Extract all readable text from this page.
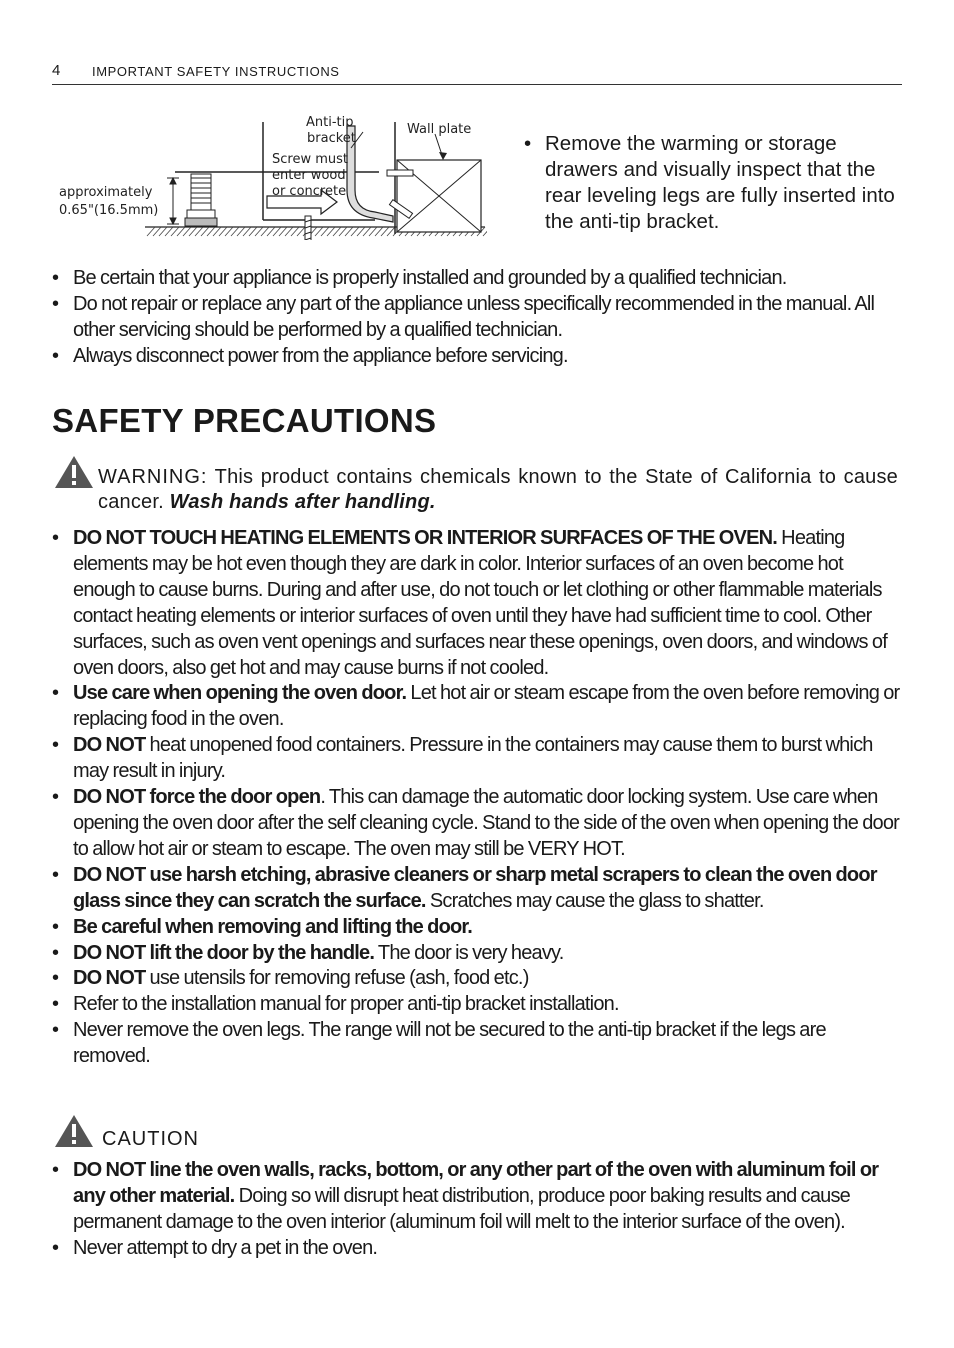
4 IMPORTANT SAFETY INSTRUCTIONS
Anti-tip
bracket
Wall plate
Screw must
enter wood
or concrete
approximately
0.65"(16.5mm)
• Remove the warming or storage drawers and visually inspect that the rear leveling legs are fully inserted into the anti-tip bracket.
• Be certain that your appliance is properly installed and grounded by a qualified technician.
• Do not repair or replace any part of the appliance unless specifically recommended in the manual. All other servicing should be performed by a qualified technician.
• Always disconnect power from the appliance before servicing.
SAFETY PRECAUTIONS
WARNING: This product contains chemicals known to the State of California to cause cancer. Wash hands after handling.
• DO NOT TOUCH HEATING ELEMENTS OR INTERIOR SURFACES OF THE OVEN. Heating elements may be hot even though they are dark in color. Interior surfaces of an oven become hot enough to cause burns. During and after use, do not touch or let clothing or other flammable materials contact heating elements or interior surfaces of oven until they have had sufficient time to cool. Other surfaces, such as oven vent openings and surfaces near these openings, oven doors, and windows of oven doors, also get hot and may cause burns if not cooled.
• Use care when opening the oven door. Let hot air or steam escape from the oven before removing or replacing food in the oven.
• DO NOT heat unopened food containers. Pressure in the containers may cause them to burst which may result in injury.
• DO NOT force the door open. This can damage the automatic door locking system. Use care when opening the oven door after the self cleaning cycle. Stand to the side of the oven when opening the door to allow hot air or steam to escape. The oven may still be VERY HOT.
• DO NOT use harsh etching, abrasive cleaners or sharp metal scrapers to clean the oven door glass since they can scratch the surface. Scratches may cause the glass to shatter.
• Be careful when removing and lifting the door.
• DO NOT lift the door by the handle. The door is very heavy.
• DO NOT use utensils for removing refuse (ash, food etc.)
• Refer to the installation manual for proper anti-tip bracket installation.
• Never remove the oven legs. The range will not be secured to the anti-tip bracket if the legs are removed.
CAUTION
• DO NOT line the oven walls, racks, bottom, or any other part of the oven with aluminum foil or any other material. Doing so will disrupt heat distribution, produce poor baking results and cause permanent damage to the oven interior (aluminum foil will melt to the interior surface of the oven).
• Never attempt to dry a pet in the oven.
